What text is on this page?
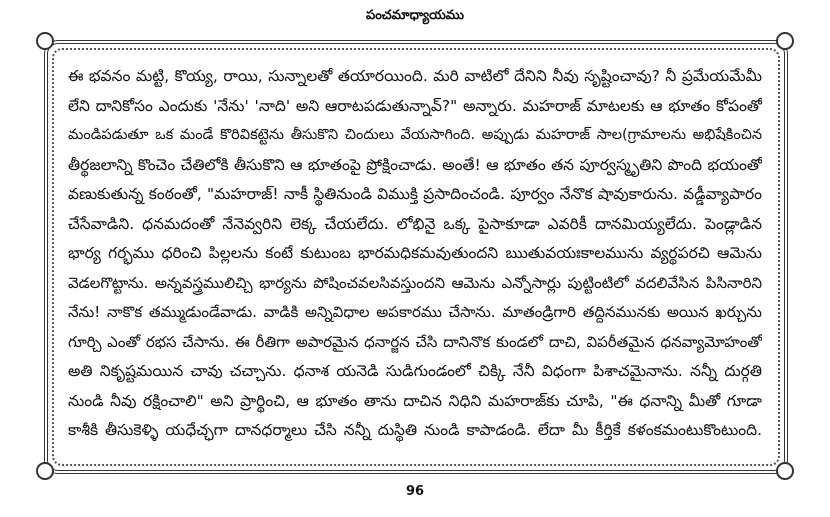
పంచమాధ్యాయము
ఈ భవనం మట్టి, కొయ్య, రాయి, సున్నాలతో తయారయింది. మరి వాటిలో దేనిని నీవు సృష్టించావు? నీ ప్రమేయమేమీ
లేని దానికోసం ఎందుకు 'నేను' 'నాది' అని ఆరాటపడుతున్నావ్?" అన్నారు. మహరాజ్ మాటలకు ఆ భూతం కోపంతో
మండిపడుతూ ఒక మండే కొరివికట్టెను తీసుకొని చిందులు వేయసాగింది. అప్పుడు మహరాజ్ సాల(గ్రామాలను అభిషేకించిన
తీర్థజలాన్ని కొంచెం చేతిలోకి తీసుకొని ఆ భూతంపై ప్రోక్షించాడు. అంతే! ఆ భూతం తన పూర్వస్మృతిని పొంది భయంతో
వణుకుతున్న కంఠంతో, "మహరాజ్! నాకీ స్థితినుండి విముక్తి ప్రసాదించండి. పూర్వం నేనొక షావుకారును. వడ్డీవ్యాపారం
చేసేవాడిని. ధనమదంతో నేనెవ్వరిని లెక్క చేయలేదు. లోభినై ఒక్క పైసాకూడా ఎవరికీ దానమియ్యలేదు. పెండ్లాడిన
భార్య గర్భము ధరించి పిల్లలను కంటే కుటుంబ భారమధికమవుతుందని ఋతువయఃకాలమును వ్యర్థపరచి ఆమెను
వెడలగొట్టాను. అన్నవస్త్రములిచ్చి భార్యను పోషించవలసివస్తుందని ఆమెను ఎన్నోసార్లు పుట్టింటిలో వదలివేసిన పిసినారిని
నేను! నాకొక తమ్ముడుండేవాడు. వాడికి అన్నివిధాల అపకారము చేసాను. మాతండ్రిగారి తద్దినమునకు అయిన ఖర్చును
గూర్చి ఎంతో రభస చేసాను. ఈ రీతిగా అపారమైన ధనార్జన చేసి దానినొక కుండలో దాచి, విపరీతమైన ధనవ్యామోహంతో
అతి నికృష్టమయిన చావు చచ్చాను. ధనాశ యనెడి సుడిగుండంలో చిక్కి నేనీ విధంగా పిశాచమైనాను. నన్నీ దుర్గతి
నుండి నీవు రక్షించాలి" అని ప్రార్థించి, ఆ భూతం తాను దాచిన నిధిని మహరాజ్‌కు చూపి, "ఈ ధనాన్ని మీతో గూడా
కాశీకి తీసుకెళ్ళి యధేచ్ఛగా దానధర్మాలు చేసి నన్నీ దుస్థితి నుండి కాపాడండి. లేదా మీ కీర్తికే కళంకమంటుకొంటుంది.
96
